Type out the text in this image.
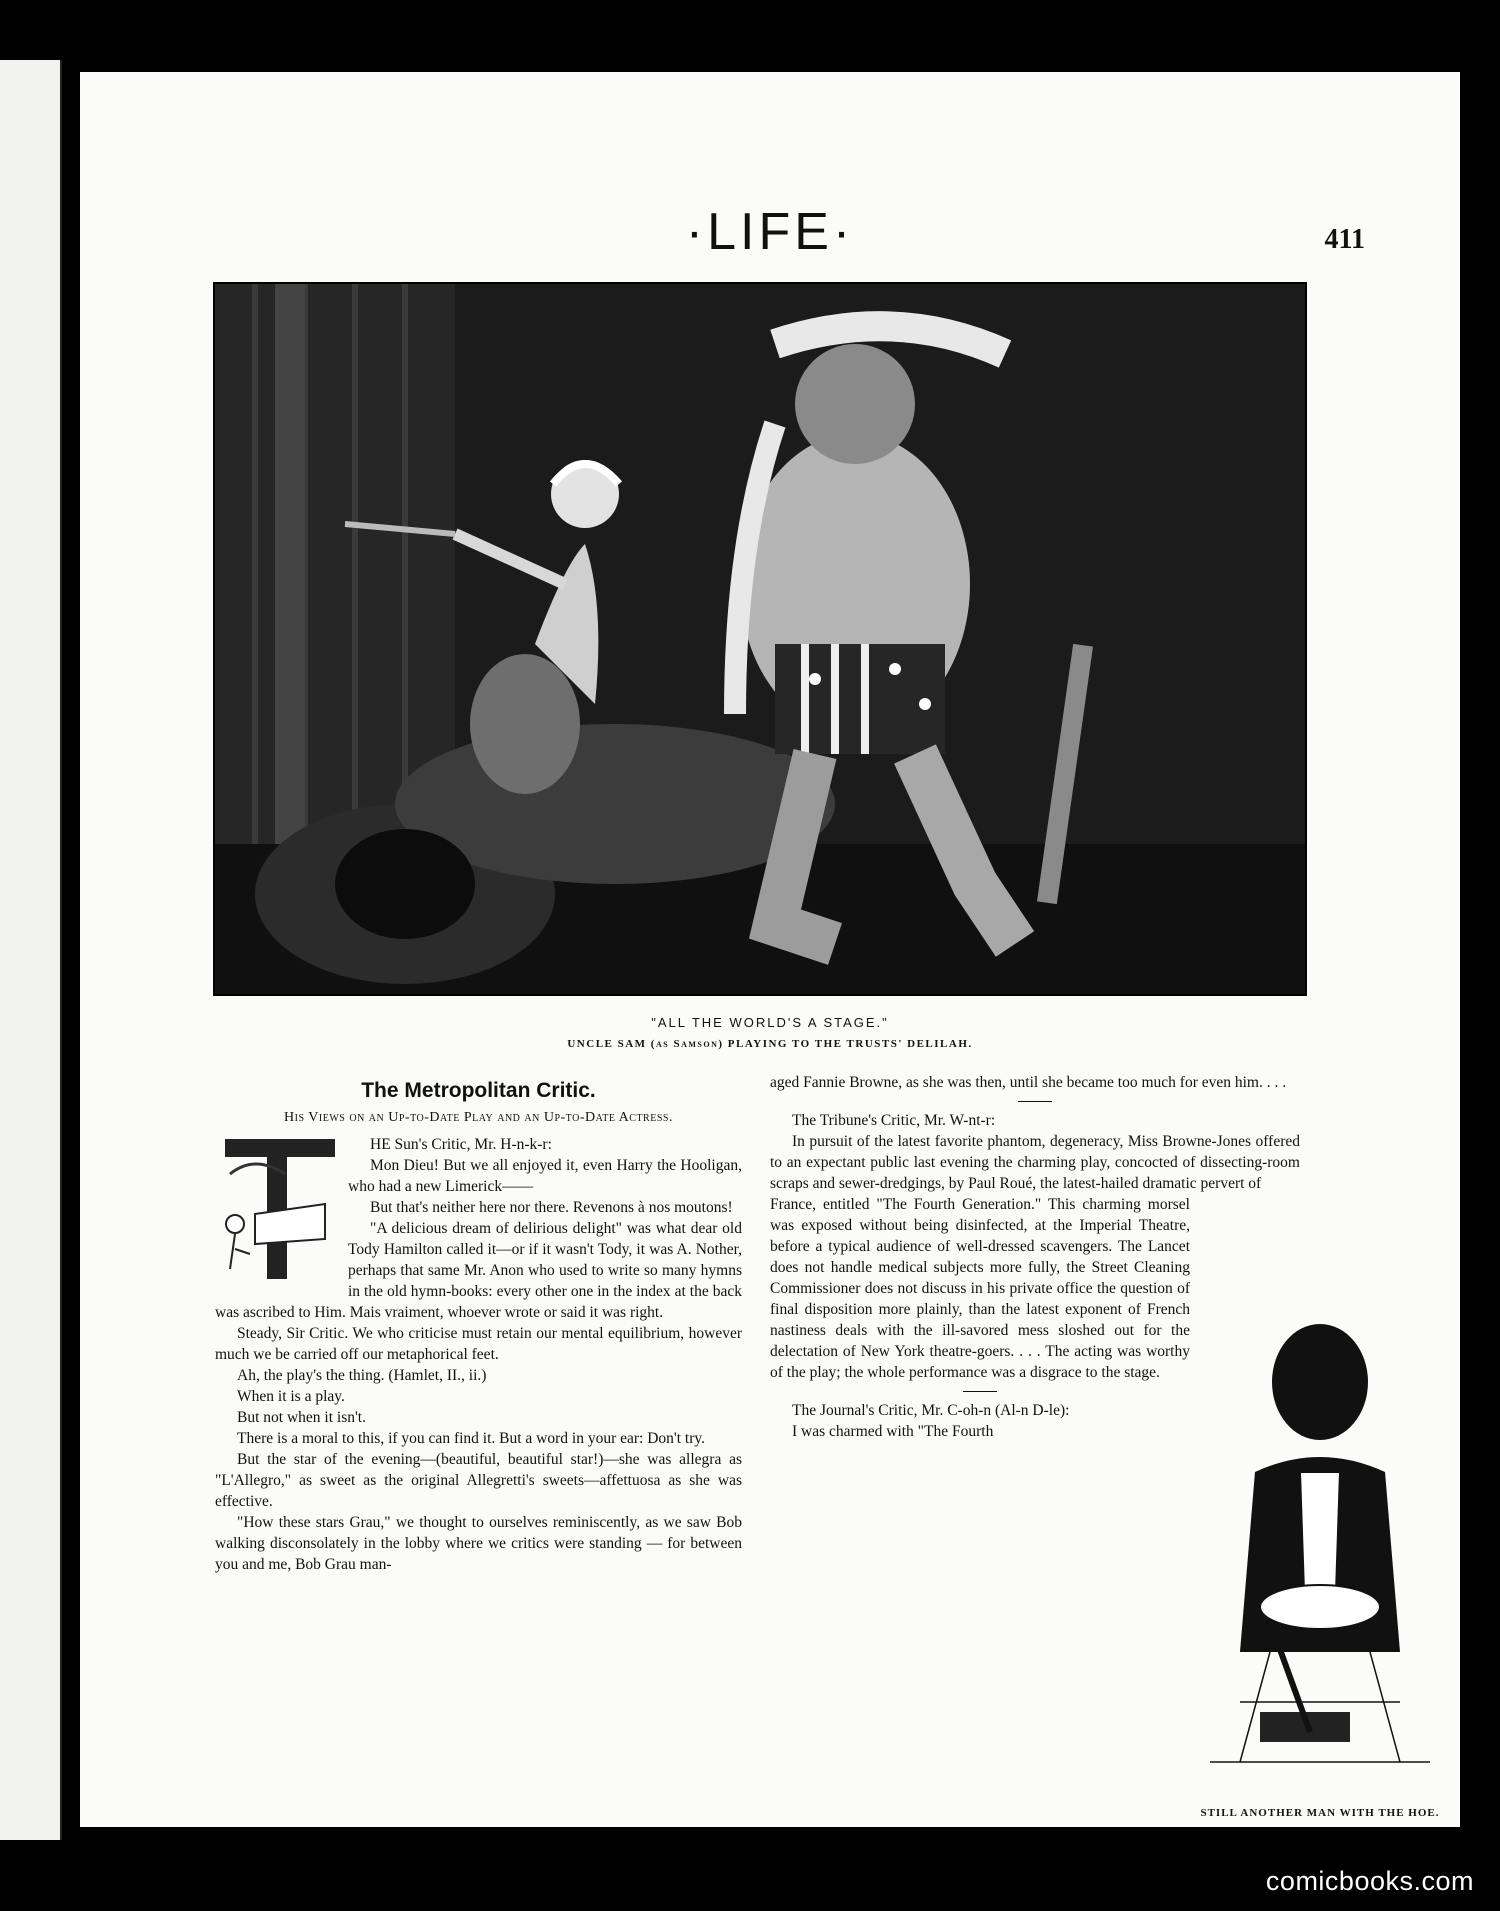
·LIFE·	411
"ALL THE WORLD'S A STAGE."
UNCLE SAM (as Samson) PLAYING TO THE TRUSTS' DELILAH.
The Metropolitan Critic.
His Views on an Up-to-Date Play and an Up-to-Date Actress.

HE Sun's Critic, Mr. H-n-k-r:

Mon Dieu! But we all enjoyed it, even Harry the Hooligan, who had a new Limerick——

But that's neither here nor there. Revenons à nos moutons!

"A delicious dream of delirious delight" was what dear old Tody Hamilton called it—or if it wasn't Tody, it was A. Nother, perhaps that same Mr. Anon who used to write so many hymns in the old hymn-books: every other one in the index at the back was ascribed to Him. Mais vraiment, whoever wrote or said it was right.

Steady, Sir Critic. We who criticise must retain our mental equilibrium, however much we be carried off our metaphorical feet.

Ah, the play's the thing. (Hamlet, II., ii.)

When it is a play.

But not when it isn't.

There is a moral to this, if you can find it. But a word in your ear: Don't try.

But the star of the evening—(beautiful, beautiful star!)—she was allegra as "L'Allegro," as sweet as the original Allegretti's sweets—affettuosa as she was effective.

"How these stars Grau," we thought to ourselves reminiscently, as we saw Bob walking disconsolately in the lobby where we critics were standing — for between you and me, Bob Grau man-

aged Fannie Browne, as she was then, until she became too much for even him. . . .

The Tribune's Critic, Mr. W-nt-r:

In pursuit of the latest favorite phantom, degeneracy, Miss Browne-Jones offered to an expectant public last evening the charming play, concocted of dissecting-room scraps and sewer-dredgings, by Paul Roué, the latest-hailed dramatic pervert of

France, entitled "The Fourth Generation." This charming morsel was exposed without being disinfected, at the Imperial Theatre, before a typical audience of well-dressed scavengers. The Lancet does not handle medical subjects more fully, the Street Cleaning Commissioner does not discuss in his private office the question of final disposition more plainly, than the latest exponent of French nastiness deals with the ill-savored mess sloshed out for the delectation of New York theatre-goers. . . . The acting was worthy of the play; the whole performance was a disgrace to the stage.

The Journal's Critic, Mr. C-oh-n (Al-n D-le):

I was charmed with "The Fourth

STILL ANOTHER MAN WITH THE HOE.
comicbooks.com
